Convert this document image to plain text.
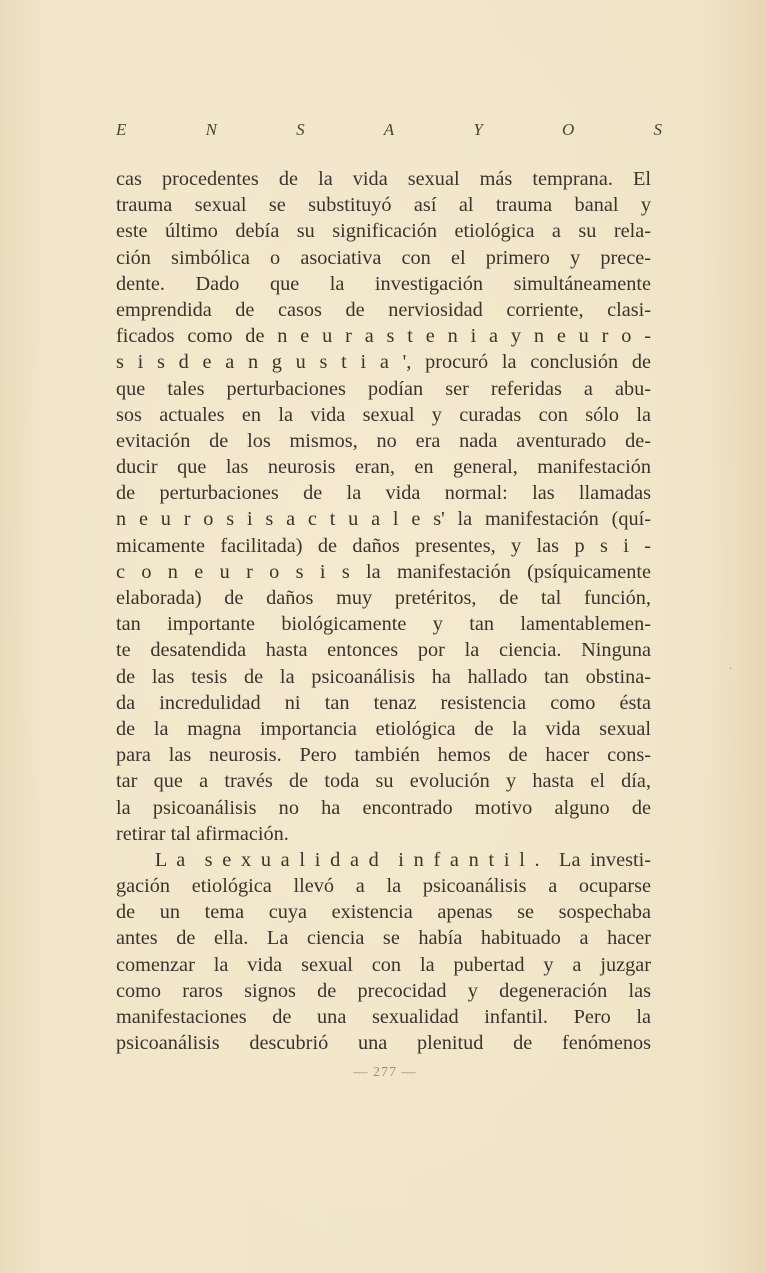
E	N	S	A	Y	O	S
cas procedentes de la vida sexual más temprana. El
trauma sexual se substituyó así al trauma banal y
este último debía su significación etiológica a su rela-
ción simbólica o asociativa con el primero y prece-
dente. Dado que la investigación simultáneamente
emprendida de casos de nerviosidad corriente, clasi-
ficados como de n e u r a s t e n i a y n e u r o -
s i s d e a n g u s t i a ', procuró la conclusión de
que tales perturbaciones podían ser referidas a abu-
sos actuales en la vida sexual y curadas con sólo la
evitación de los mismos, no era nada aventurado de-
ducir que las neurosis eran, en general, manifestación
de perturbaciones de la vida normal: las llamadas
n e u r o s i s a c t u a l e s' la manifestación (quí-
micamente facilitada) de daños presentes, y las p s i -
c o n e u r o s i s la manifestación (psíquicamente
elaborada) de daños muy pretéritos, de tal función,
tan importante biológicamente y tan lamentablemen-
te desatendida hasta entonces por la ciencia. Ninguna
de las tesis de la psicoanálisis ha hallado tan obstina-
da incredulidad ni tan tenaz resistencia como ésta
de la magna importancia etiológica de la vida sexual
para las neurosis. Pero también hemos de hacer cons-
tar que a través de toda su evolución y hasta el día,
la psicoanálisis no ha encontrado motivo alguno de
retirar tal afirmación.
L a  s e x u a l i d a d  i n f a n t i l .  La investi-
gación etiológica llevó a la psicoanálisis a ocuparse
de un tema cuya existencia apenas se sospechaba
antes de ella. La ciencia se había habituado a hacer
comenzar la vida sexual con la pubertad y a juzgar
como raros signos de precocidad y degeneración las
manifestaciones de una sexualidad infantil. Pero la
psicoanálisis descubrió una plenitud de fenómenos
— 277 —
·
